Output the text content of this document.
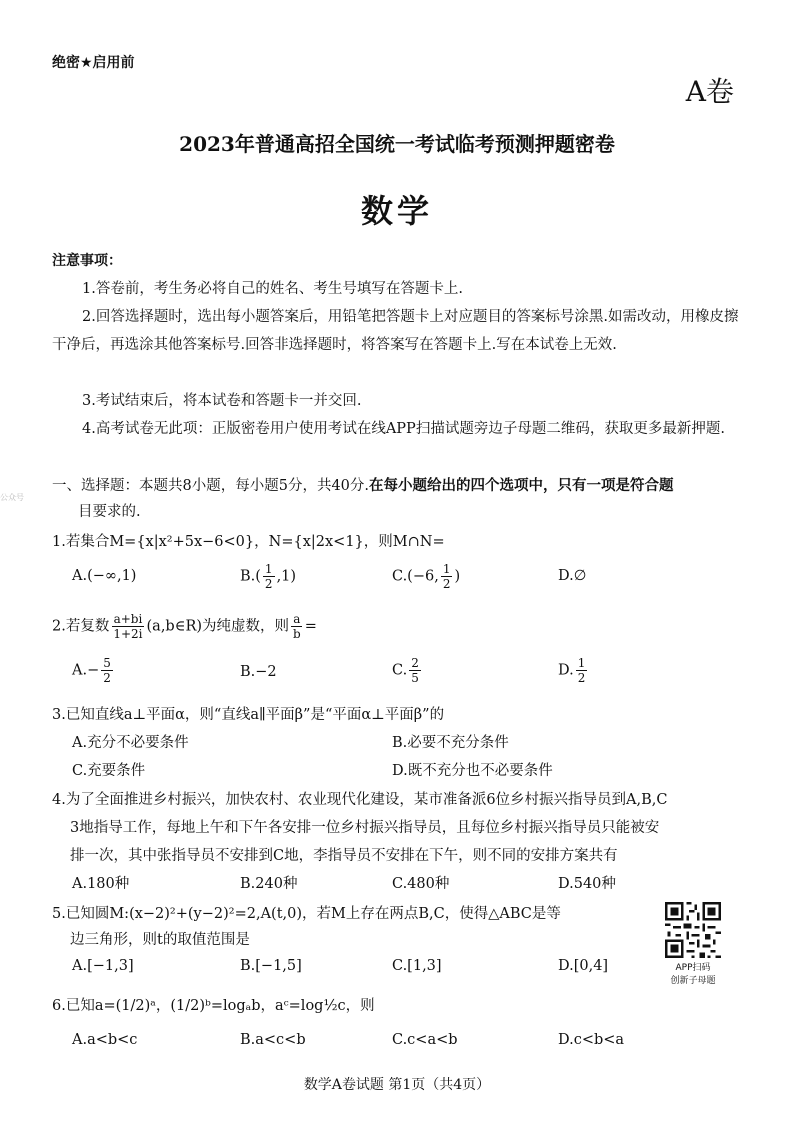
绝密★启用前
A卷
2023年普通高招全国统一考试临考预测押题密卷
数学
注意事项：
1.答卷前，考生务必将自己的姓名、考生号填写在答题卡上.
2.回答选择题时，选出每小题答案后，用铅笔把答题卡上对应题目的答案标号涂黑.如需改动，用橡皮擦干净后，再选涂其他答案标号.回答非选择题时，将答案写在答题卡上.写在本试卷上无效.
3.考试结束后，将本试卷和答题卡一并交回.
4.高考试卷无此项：正版密卷用户使用考试在线APP扫描试题旁边子母题二维码，获取更多最新押题.
公众号
一、选择题：本题共8小题，每小题5分，共40分.在每小题给出的四个选项中，只有一项是符合题
目要求的.
1.若集合M={x|x²+5x−6<0}，N={x|2x<1}，则M∩N=
A.(−∞,1)	$B.( \frac{1}{2} ,1)$	C.(−6, $\frac{1}{2}$ )	D.∅
2.若复数 $\frac{a+bi}{1+2i}$ (a,b∈R)为纯虚数，则 $\frac{a}{b}$ =
$A.- \frac{5}{2}$	B.−2	C. $\frac{2}{5}$	D. $\frac{1}{2}$
3.已知直线a⊥平面α，则“直线a∥平面β”是“平面α⊥平面β”的
A.充分不必要条件	B.必要不充分条件
C.充要条件	D.既不充分也不必要条件
4.为了全面推进乡村振兴，加快农村、农业现代化建设，某市准备派6位乡村振兴指导员到A,B,C
3地指导工作，每地上午和下午各安排一位乡村振兴指导员，且每位乡村振兴指导员只能被安
排一次，其中张指导员不安排到C地，李指导员不安排在下午，则不同的安排方案共有
A.180种	B.240种	C.480种	D.540种
5.已知圆M:(x−2)²+(y−2)²=2,A(t,0)，若M上存在两点B,C，使得△ABC是等
边三角形，则t的取值范围是
A.[−1,3]	B.[−1,5]	C.[1,3]	D.[0,4]
6.已知a=(1/2)ᵃ，(1/2)ᵇ=logₐb，aᶜ=log½c，则
A.a<b<c	B.a<c<b	C.c<a<b	D.c<b<a
APP扫码
创新子母题
数学A卷试题 第1页（共4页）
